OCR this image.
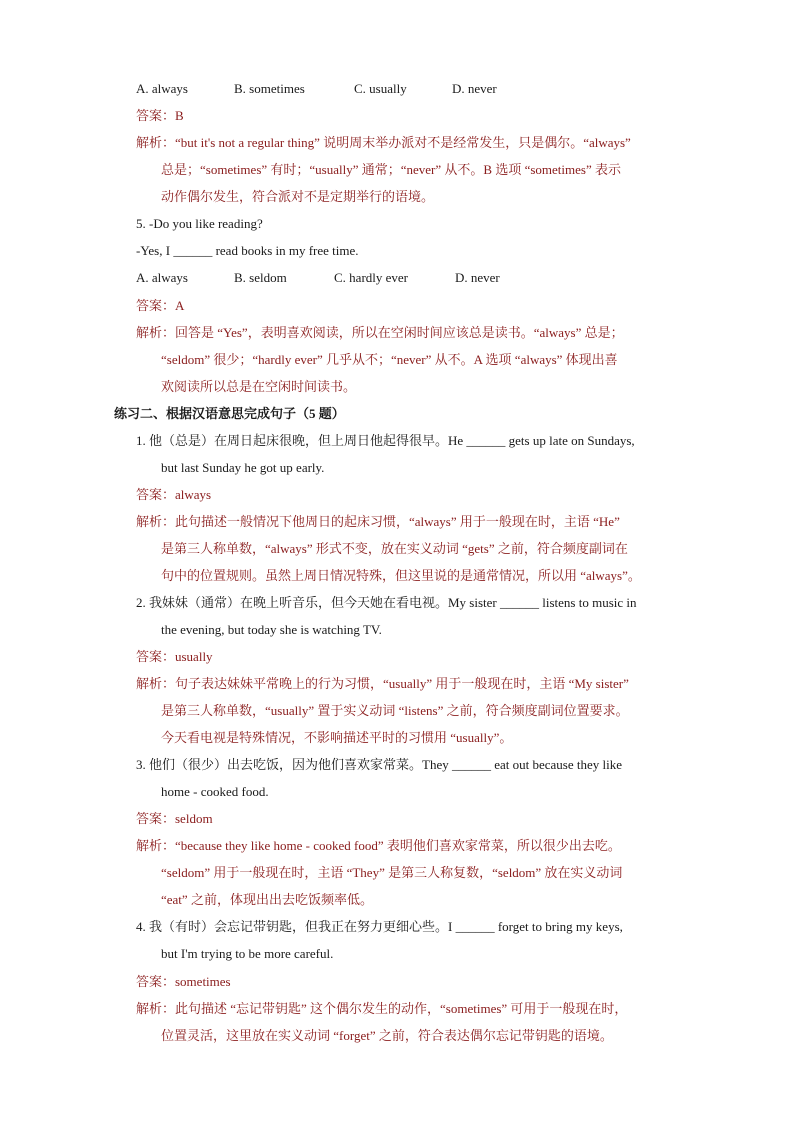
A. always	B. sometimes	C. usually	D. never
答案：B
解析：“but it's not a regular thing” 说明周末举办派对不是经常发生，只是偶尔。“always”
总是；“sometimes” 有时；“usually” 通常；“never” 从不。B 选项 “sometimes” 表示
动作偶尔发生，符合派对不是定期举行的语境。
5. -Do you like reading?
-Yes, I ______ read books in my free time.
A. always	B. seldom	C. hardly ever	D. never
答案：A
解析：回答是 “Yes”，表明喜欢阅读，所以在空闲时间应该总是读书。“always” 总是；
“seldom” 很少；“hardly ever” 几乎从不；“never” 从不。A 选项 “always” 体现出喜
欢阅读所以总是在空闲时间读书。
练习二、根据汉语意思完成句子（5 题）
1. 他（总是）在周日起床很晚，但上周日他起得很早。He ______ gets up late on Sundays,
but last Sunday he got up early.
答案：always
解析：此句描述一般情况下他周日的起床习惯，“always” 用于一般现在时，主语 “He”
是第三人称单数，“always” 形式不变，放在实义动词 “gets” 之前，符合频度副词在
句中的位置规则。虽然上周日情况特殊，但这里说的是通常情况，所以用 “always”。
2. 我妹妹（通常）在晚上听音乐，但今天她在看电视。My sister ______ listens to music in
the evening, but today she is watching TV.
答案：usually
解析：句子表达妹妹平常晚上的行为习惯，“usually” 用于一般现在时，主语 “My sister”
是第三人称单数，“usually” 置于实义动词 “listens” 之前，符合频度副词位置要求。
今天看电视是特殊情况，不影响描述平时的习惯用 “usually”。
3. 他们（很少）出去吃饭，因为他们喜欢家常菜。They ______ eat out because they like
home - cooked food.
答案：seldom
解析：“because they like home - cooked food” 表明他们喜欢家常菜，所以很少出去吃。
“seldom” 用于一般现在时，主语 “They” 是第三人称复数，“seldom” 放在实义动词
“eat” 之前，体现出出去吃饭频率低。
4. 我（有时）会忘记带钥匙，但我正在努力更细心些。I ______ forget to bring my keys,
but I'm trying to be more careful.
答案：sometimes
解析：此句描述 “忘记带钥匙” 这个偶尔发生的动作，“sometimes” 可用于一般现在时，
位置灵活，这里放在实义动词 “forget” 之前，符合表达偶尔忘记带钥匙的语境。
